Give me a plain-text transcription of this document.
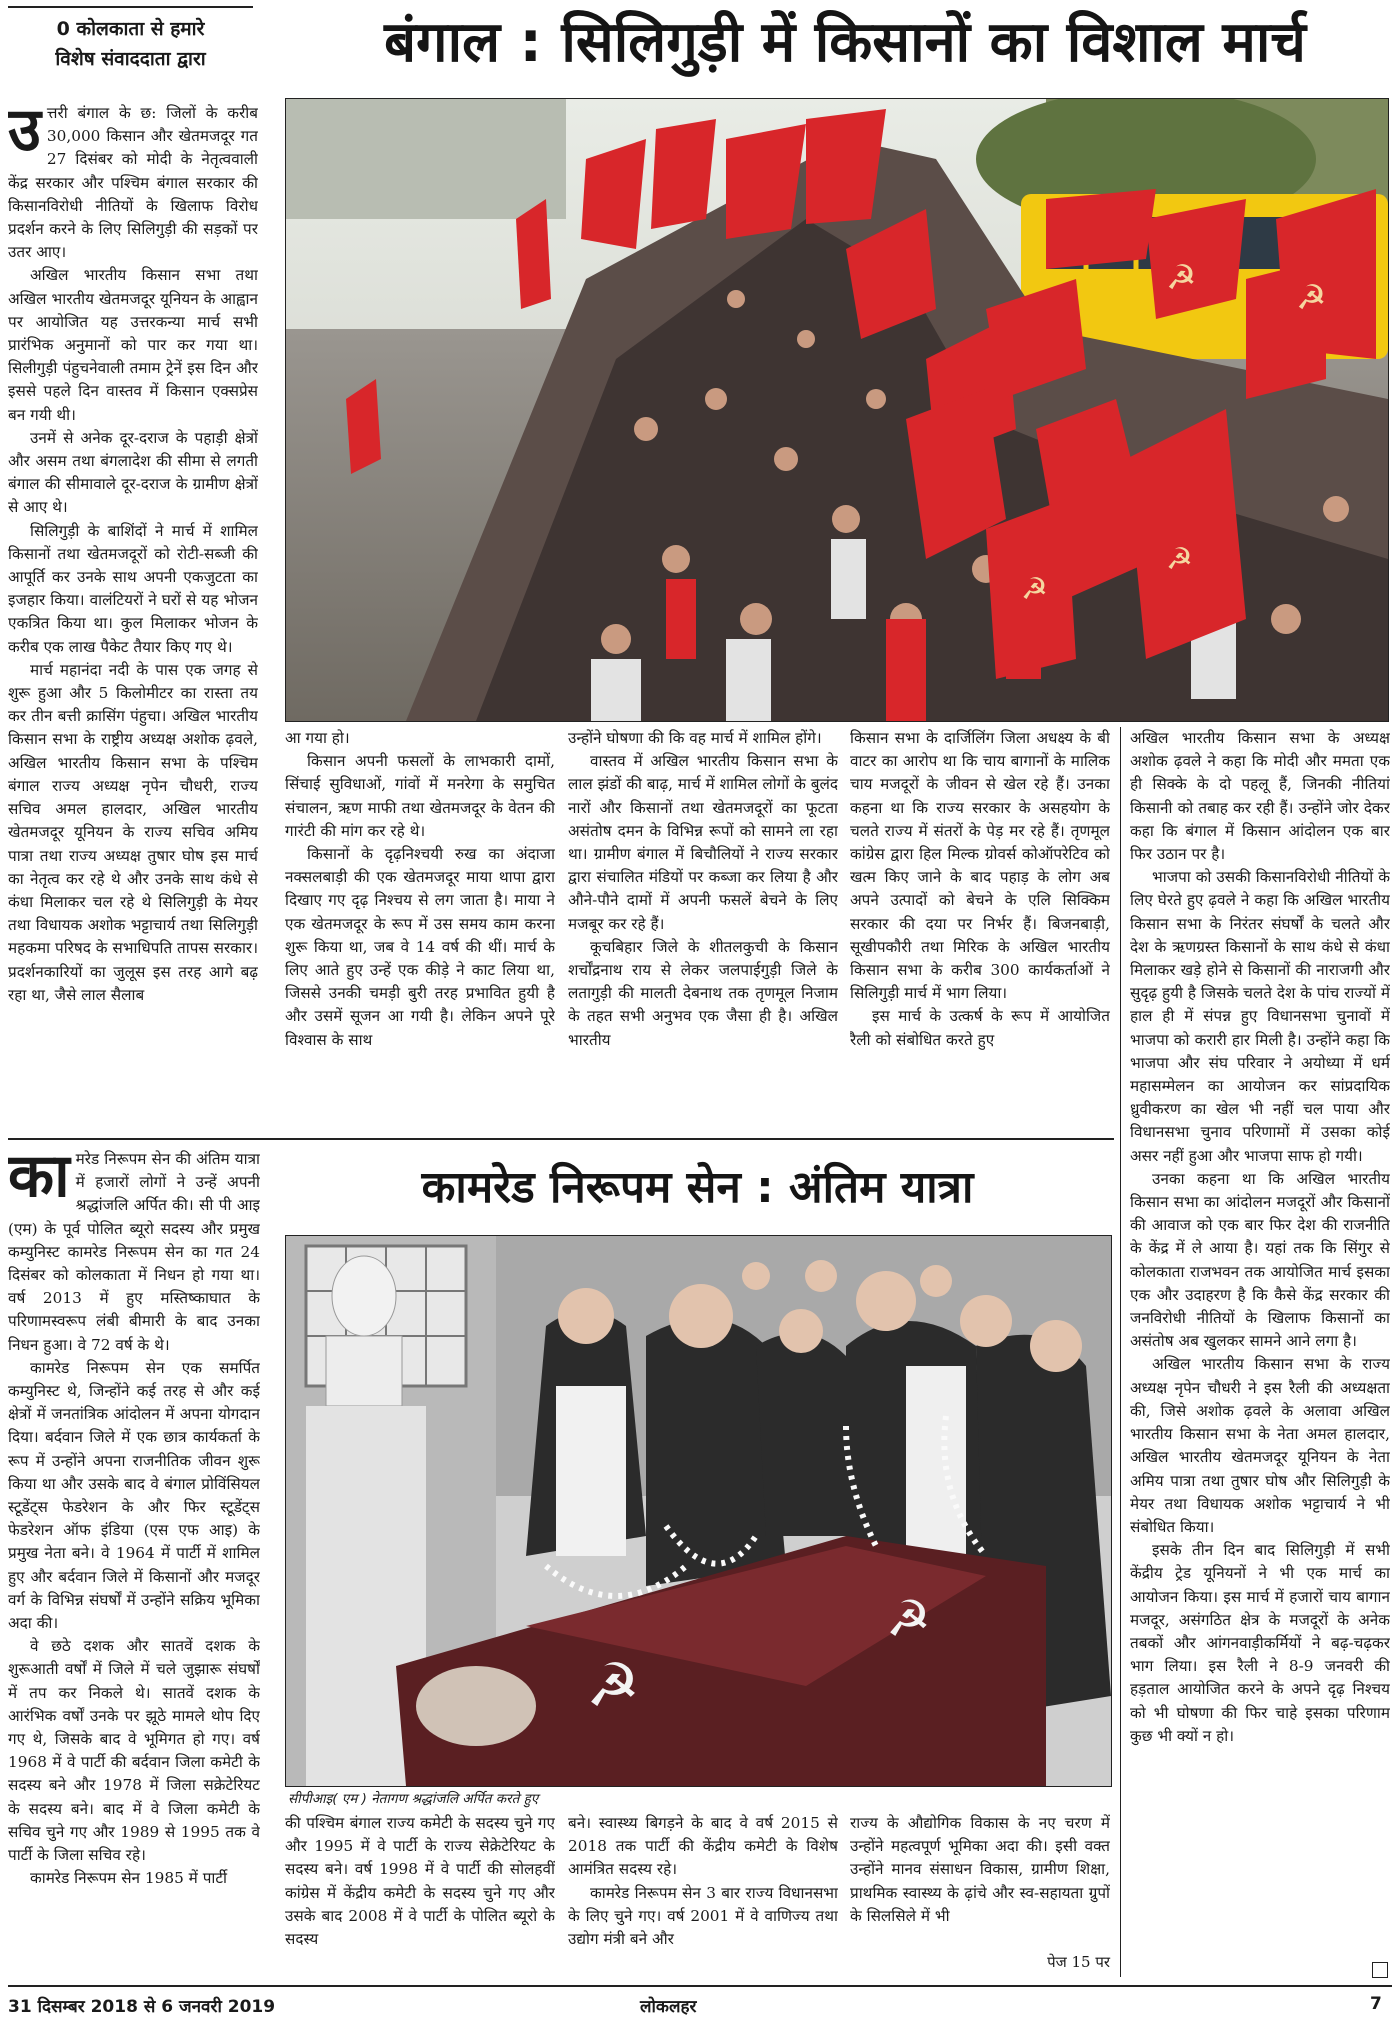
0 कोलकाता से हमारे
विशेष संवाददाता द्वारा	बंगाल : सिलिगुड़ी में किसानों का विशाल मार्च
☭	☭
☭
☭
उ त्तरी बंगाल के छ: जिलों के करीब 30,000 किसान और खेतमजदूर गत 27 दिसंबर को मोदी के नेतृत्ववाली केंद्र सरकार और पश्चिम बंगाल सरकार की किसानविरोधी नीतियों के खिलाफ विरोध प्रदर्शन करने के लिए सिलिगुड़ी की सड़कों पर उतर आए।

अखिल भारतीय किसान सभा तथा अखिल भारतीय खेतमजदूर यूनियन के आह्वान पर आयोजित यह उत्तरकन्या मार्च सभी प्रारंभिक अनुमानों को पार कर गया था। सिलीगुड़ी पंहुचनेवाली तमाम ट्रेनें इस दिन और इससे पहले दिन वास्तव में किसान एक्सप्रेस बन गयी थी।

उनमें से अनेक दूर-दराज के पहाड़ी क्षेत्रों और असम तथा बंगलादेश की सीमा से लगती बंगाल की सीमावाले दूर-दराज के ग्रामीण क्षेत्रों से आए थे।

सिलिगुड़ी के बाशिंदों ने मार्च में शामिल किसानों तथा खेतमजदूरों को रोटी-सब्जी की आपूर्ति कर उनके साथ अपनी एकजुटता का इजहार किया। वालंटियरों ने घरों से यह भोजन एकत्रित किया था। कुल मिलाकर भोजन के करीब एक लाख पैकेट तैयार किए गए थे।

मार्च महानंदा नदी के पास एक जगह से शुरू हुआ और 5 किलोमीटर का रास्ता तय कर तीन बत्ती क्रासिंग पंहुचा। अखिल भारतीय किसान सभा के राष्ट्रीय अध्यक्ष अशोक ढ़वले, अखिल भारतीय किसान सभा के पश्चिम बंगाल राज्य अध्यक्ष नृपेन चौधरी, राज्य सचिव अमल हालदार, अखिल भारतीय खेतमजदूर यूनियन के राज्य सचिव अमिय पात्रा तथा राज्य अध्यक्ष तुषार घोष इस मार्च का नेतृत्व कर रहे थे और उनके साथ कंधे से कंधा मिलाकर चल रहे थे सिलिगुड़ी के मेयर तथा विधायक अशोक भट्टाचार्य तथा सिलिगुड़ी महकमा परिषद के सभाधिपति तापस सरकार। प्रदर्शनकारियों का जुलूस इस तरह आगे बढ़ रहा था, जैसे लाल सैलाब

आ गया हो।

किसान अपनी फसलों के लाभकारी दामों, सिंचाई सुविधाओं, गांवों में मनरेगा के समुचित संचालन, ऋण माफी तथा खेतमजदूर के वेतन की गारंटी की मांग कर रहे थे।

किसानों के दृढ़निश्चयी रुख का अंदाजा नक्सलबाड़ी की एक खेतमजदूर माया थापा द्वारा दिखाए गए दृढ़ निश्चय से लग जाता है। माया ने एक खेतमजदूर के रूप में उस समय काम करना शुरू किया था, जब वे 14 वर्ष की थीं। मार्च के लिए आते हुए उन्हें एक कीड़े ने काट लिया था, जिससे उनकी चमड़ी बुरी तरह प्रभावित हुयी है और उसमें सूजन आ गयी है। लेकिन अपने पूरे विश्वास के साथ

उन्होंने घोषणा की कि वह मार्च में शामिल होंगे।

वास्तव में अखिल भारतीय किसान सभा के लाल झंडों की बाढ़, मार्च में शामिल लोगों के बुलंद नारों और किसानों तथा खेतमजदूरों का फूटता असंतोष दमन के विभिन्न रूपों को सामने ला रहा था। ग्रामीण बंगाल में बिचौलियों ने राज्य सरकार द्वारा संचालित मंडियों पर कब्जा कर लिया है और औने-पौने दामों में अपनी फसलें बेचने के लिए मजबूर कर रहे हैं।

कूचबिहार जिले के शीतलकुची के किसान शर्चोंद्रनाथ राय से लेकर जलपाईगुड़ी जिले के लतागुड़ी की मालती देबनाथ तक तृणमूल निजाम के तहत सभी अनुभव एक जैसा ही है। अखिल भारतीय

किसान सभा के दार्जिलिंग जिला अधक्ष्य के बी वाटर का आरोप था कि चाय बागानों के मालिक चाय मजदूरों के जीवन से खेल रहे हैं। उनका कहना था कि राज्य सरकार के असहयोग के चलते राज्य में संतरों के पेड़ मर रहे हैं। तृणमूल कांग्रेस द्वारा हिल मिल्क ग्रोवर्स कोऑपरेटिव को खत्म किए जाने के बाद पहाड़ के लोग अब अपने उत्पादों को बेचने के एलि सिक्किम सरकार की दया पर निर्भर हैं। बिजनबाड़ी, सूखीपकौरी तथा मिरिक के अखिल भारतीय किसान सभा के करीब 300 कार्यकर्ताओं ने सिलिगुड़ी मार्च में भाग लिया।

इस मार्च के उत्कर्ष के रूप में आयोजित रैली को संबोधित करते हुए

अखिल भारतीय किसान सभा के अध्यक्ष अशोक ढ़वले ने कहा कि मोदी और ममता एक ही सिक्के के दो पहलू हैं, जिनकी नीतियां किसानी को तबाह कर रही हैं। उन्होंने जोर देकर कहा कि बंगाल में किसान आंदोलन एक बार फिर उठान पर है।

भाजपा को उसकी किसानविरोधी नीतियों के लिए घेरते हुए ढ़वले ने कहा कि अखिल भारतीय किसान सभा के निरंतर संघर्षों के चलते और देश के ऋणग्रस्त किसानों के साथ कंधे से कंधा मिलाकर खड़े होने से किसानों की नाराजगी और सुदृढ़ हुयी है जिसके चलते देश के पांच राज्यों में हाल ही में संपन्न हुए विधानसभा चुनावों में भाजपा को करारी हार मिली है। उन्होंने कहा कि भाजपा और संघ परिवार ने अयोध्या में धर्म महासम्मेलन का आयोजन कर सांप्रदायिक ध्रुवीकरण का खेल भी नहीं चल पाया और विधानसभा चुनाव परिणामों में उसका कोई असर नहीं हुआ और भाजपा साफ हो गयी।

उनका कहना था कि अखिल भारतीय किसान सभा का आंदोलन मजदूरों और किसानों की आवाज को एक बार फिर देश की राजनीति के केंद्र में ले आया है। यहां तक कि सिंगुर से कोलकाता राजभवन तक आयोजित मार्च इसका एक और उदाहरण है कि कैसे केंद्र सरकार की जनविरोधी नीतियों के खिलाफ किसानों का असंतोष अब खुलकर सामने आने लगा है।

अखिल भारतीय किसान सभा के राज्य अध्यक्ष नृपेन चौधरी ने इस रैली की अध्यक्षता की, जिसे अशोक ढ़वले के अलावा अखिल भारतीय किसान सभा के नेता अमल हालदार, अखिल भारतीय खेतमजदूर यूनियन के नेता अमिय पात्रा तथा तुषार घोष और सिलिगुड़ी के मेयर तथा विधायक अशोक भट्टाचार्य ने भी संबोधित किया।

इसके तीन दिन बाद सिलिगुड़ी में सभी केंद्रीय ट्रेड यूनियनों ने भी एक मार्च का आयोजन किया। इस मार्च में हजारों चाय बागान मजदूर, असंगठित क्षेत्र के मजदूरों के अनेक तबकों और आंगनवाड़ीकर्मियों ने बढ़-चढ़कर भाग लिया। इस रैली ने 8-9 जनवरी की हड़ताल आयोजित करने के अपने दृढ़ निश्चय को भी घोषणा की फिर चाहे इसका परिणाम कुछ भी क्यों न हो।

कामरेड निरूपम सेन : अंतिम यात्रा
का मरेड निरूपम सेन की अंतिम यात्रा में हजारों लोगों ने उन्हें अपनी श्रद्धांजलि अर्पित की। सी पी आइ (एम) के पूर्व पोलित ब्यूरो सदस्य और प्रमुख कम्युनिस्ट कामरेड निरूपम सेन का गत 24 दिसंबर को कोलकाता में निधन हो गया था। वर्ष 2013 में हुए मस्तिष्काघात के परिणामस्वरूप लंबी बीमारी के बाद उनका निधन हुआ। वे 72 वर्ष के थे।

कामरेड निरूपम सेन एक समर्पित कम्युनिस्ट थे, जिन्होंने कई तरह से और कई क्षेत्रों में जनतांत्रिक आंदोलन में अपना योगदान दिया। बर्दवान जिले में एक छात्र कार्यकर्ता के रूप में उन्होंने अपना राजनीतिक जीवन शुरू किया था और उसके बाद वे बंगाल प्रोविंसियल स्टूडेंट्स फेडरेशन के और फिर स्टूडेंट्स फेडरेशन ऑफ इंडिया (एस एफ आइ) के प्रमुख नेता बने। वे 1964 में पार्टी में शामिल हुए और बर्दवान जिले में किसानों और मजदूर वर्ग के विभिन्न संघर्षों में उन्होंने सक्रिय भूमिका अदा की।

वे छठे दशक और सातवें दशक के शुरूआती वर्षों में जिले में चले जुझारू संघर्षों में तप कर निकले थे। सातवें दशक के आरंभिक वर्षों उनके पर झूठे मामले थोप दिए गए थे, जिसके बाद वे भूमिगत हो गए। वर्ष 1968 में वे पार्टी की बर्दवान जिला कमेटी के सदस्य बने और 1978 में जिला सक्रेटेरियट के सदस्य बने। बाद में वे जिला कमेटी के सचिव चुने गए और 1989 से 1995 तक वे पार्टी के जिला सचिव रहे।

कामरेड निरूपम सेन 1985 में पार्टी

☭
☭
सीपीआइ( एम ) नेतागण श्रद्धांजलि अर्पित करते हुए

की पश्चिम बंगाल राज्य कमेटी के सदस्य चुने गए और 1995 में वे पार्टी के राज्य सेक्रेटेरियट के सदस्य बने। वर्ष 1998 में वे पार्टी की सोलहवीं कांग्रेस में केंद्रीय कमेटी के सदस्य चुने गए और उसके बाद 2008 में वे पार्टी के पोलित ब्यूरो के सदस्य

बने। स्वास्थ्य बिगड़ने के बाद वे वर्ष 2015 से 2018 तक पार्टी की केंद्रीय कमेटी के विशेष आमंत्रित सदस्य रहे।

कामरेड निरूपम सेन 3 बार राज्य विधानसभा के लिए चुने गए। वर्ष 2001 में वे वाणिज्य तथा उद्योग मंत्री बने और

राज्य के औद्योगिक विकास के नए चरण में उन्होंने महत्वपूर्ण भूमिका अदा की। इसी वक्त उन्होंने मानव संसाधन विकास, ग्रामीण शिक्षा, प्राथमिक स्वास्थ्य के ढ़ांचे और स्व-सहायता ग्रुपों के सिलसिले में भी

पेज 15 पर
31 दिसम्बर 2018 से 6 जनवरी 2019	लोकलहर	7
